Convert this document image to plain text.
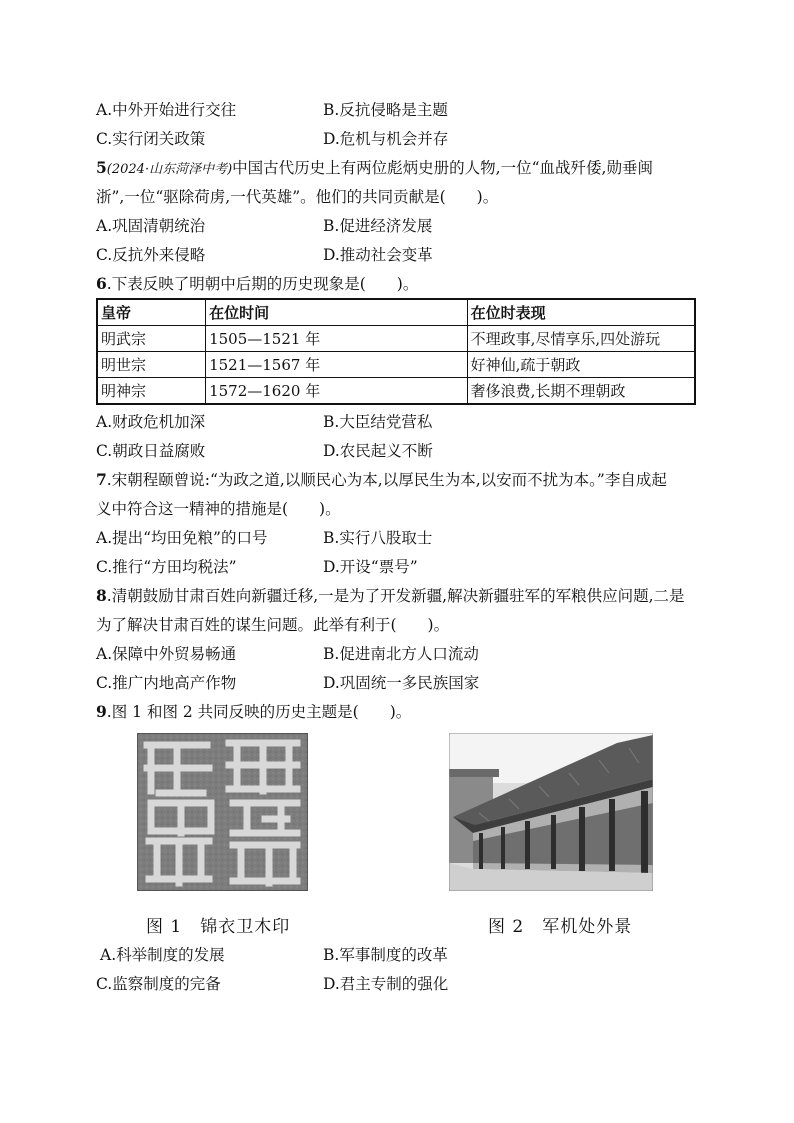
A.中外开始进行交往	B.反抗侵略是主题
C.实行闭关政策	D.危机与机会并存
5(2024·山东菏泽中考)中国古代历史上有两位彪炳史册的人物,一位“血战歼倭,勋垂闽
浙”,一位“驱除荷虏,一代英雄”。他们的共同贡献是(　　)。
A.巩固清朝统治	B.促进经济发展
C.反抗外来侵略	D.推动社会变革
6.下表反映了明朝中后期的历史现象是(　　)。
皇帝	在位时间	在位时表现
明武宗	1505—1521 年	不理政事,尽情享乐,四处游玩
明世宗	1521—1567 年	好神仙,疏于朝政
明神宗	1572—1620 年	奢侈浪费,长期不理朝政
A.财政危机加深	B.大臣结党营私
C.朝政日益腐败	D.农民起义不断
7.宋朝程颐曾说:“为政之道,以顺民心为本,以厚民生为本,以安而不扰为本。”李自成起
义中符合这一精神的措施是(　　)。
A.提出“均田免粮”的口号	B.实行八股取士
C.推行“方田均税法”	D.开设“票号”
8.清朝鼓励甘肃百姓向新疆迁移,一是为了开发新疆,解决新疆驻军的军粮供应问题,二是
为了解决甘肃百姓的谋生问题。此举有利于(　　)。
A.保障中外贸易畅通	B.促进南北方人口流动
C.推广内地高产作物	D.巩固统一多民族国家
9.图 1 和图 2 共同反映的历史主题是(　　)。
图 1　锦衣卫木印	图 2　军机处外景
A.科举制度的发展	B.军事制度的改革
C.监察制度的完备	D.君主专制的强化
